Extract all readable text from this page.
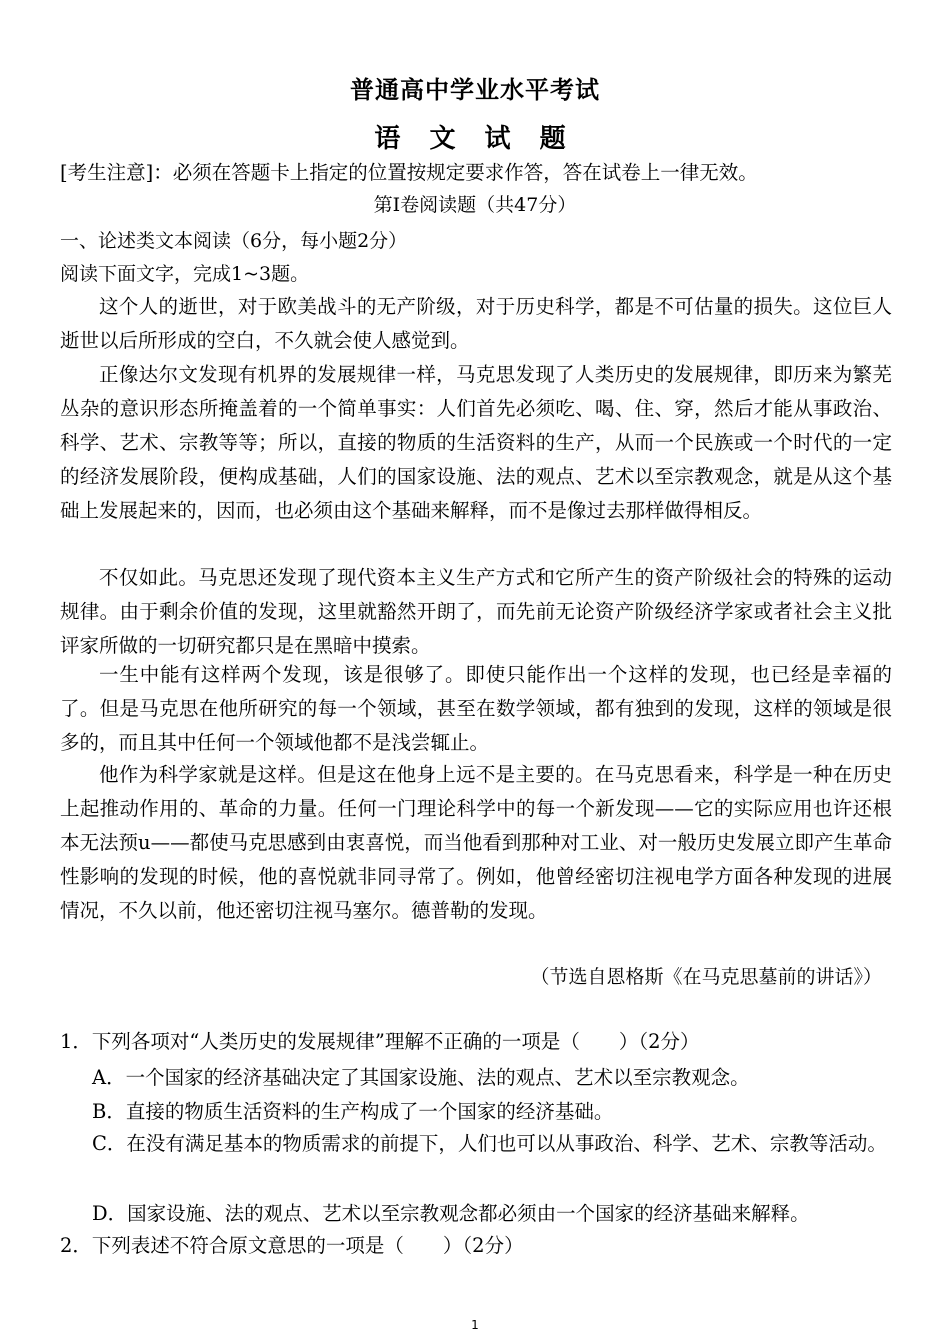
普通高中学业水平考试
语 文 试 题
[考生注意]：必须在答题卡上指定的位置按规定要求作答，答在试卷上一律无效。
第Ⅰ卷阅读题（共47分）
一、论述类文本阅读（6分，每小题2分）
阅读下面文字，完成1~3题。
这个人的逝世，对于欧美战斗的无产阶级，对于历史科学，都是不可估量的损失。这位巨人逝世以后所形成的空白，不久就会使人感觉到。
正像达尔文发现有机界的发展规律一样，马克思发现了人类历史的发展规律，即历来为繁芜丛杂的意识形态所掩盖着的一个简单事实：人们首先必须吃、喝、住、穿，然后才能从事政治、科学、艺术、宗教等等；所以，直接的物质的生活资料的生产，从而一个民族或一个时代的一定的经济发展阶段，便构成基础，人们的国家设施、法的观点、艺术以至宗教观念，就是从这个基础上发展起来的，因而，也必须由这个基础来解释，而不是像过去那样做得相反。
不仅如此。马克思还发现了现代资本主义生产方式和它所产生的资产阶级社会的特殊的运动规律。由于剩余价值的发现，这里就豁然开朗了，而先前无论资产阶级经济学家或者社会主义批评家所做的一切研究都只是在黑暗中摸索。
一生中能有这样两个发现，该是很够了。即使只能作出一个这样的发现，也已经是幸福的了。但是马克思在他所研究的每一个领域，甚至在数学领域，都有独到的发现，这样的领域是很多的，而且其中任何一个领域他都不是浅尝辄止。
他作为科学家就是这样。但是这在他身上远不是主要的。在马克思看来，科学是一种在历史上起推动作用的、革命的力量。任何一门理论科学中的每一个新发现——它的实际应用也许还根本无法预u——都使马克思感到由衷喜悦，而当他看到那种对工业、对一般历史发展立即产生革命性影响的发现的时候，他的喜悦就非同寻常了。例如，他曾经密切注视电学方面各种发现的进展情况，不久以前，他还密切注视马塞尔。德普勒的发现。
（节选自恩格斯《在马克思墓前的讲话》）
1．下列各项对“人类历史的发展规律”理解不正确的一项是（　　）（2分）
A．一个国家的经济基础决定了其国家设施、法的观点、艺术以至宗教观念。
B．直接的物质生活资料的生产构成了一个国家的经济基础。
C．在没有满足基本的物质需求的前提下，人们也可以从事政治、科学、艺术、宗教等活动。
D．国家设施、法的观点、艺术以至宗教观念都必须由一个国家的经济基础来解释。
2．下列表述不符合原文意思的一项是（　　）（2分）
1
